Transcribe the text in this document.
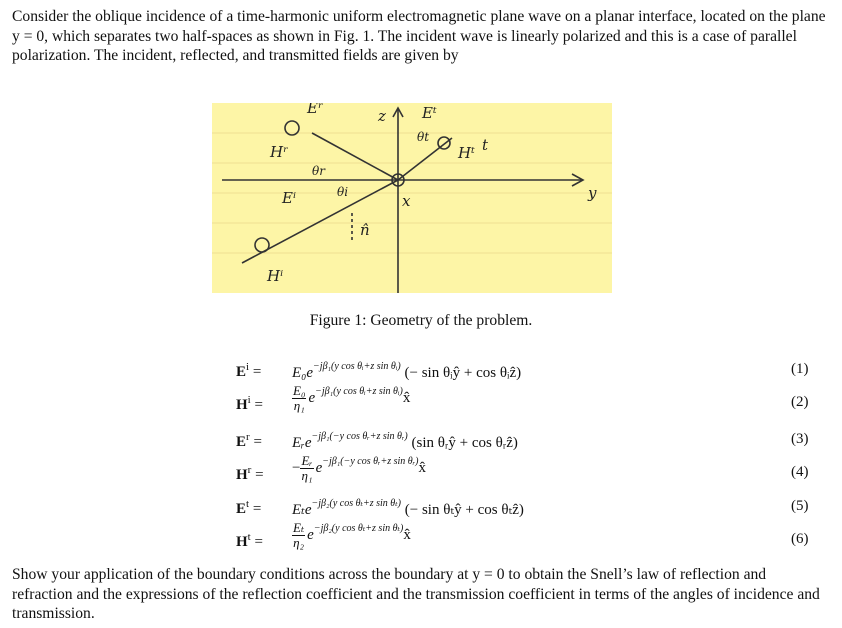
Consider the oblique incidence of a time-harmonic uniform electromagnetic plane wave on a planar interface, located on the plane y = 0, which separates two half-spaces as shown in Fig. 1. The incident wave is linearly polarized and this is a case of parallel polarization. The incident, reflected, and transmitted fields are given by
z
y
x
Eʳ	Eᵗ
Eⁱ
Hʳ	Hᵗ
Hⁱ
θr
θi
θt	t
n̂
Figure 1: Geometry of the problem.
$E^i = E_0e^{-j\beta_1(y cos \theta ᵢ+z sin \theta ᵢ)}$ (− sin θᵢŷ + cos θᵢẑ)	(1)
$H^i = \frac{\text{E₀}}{\text{η₁}}$ $e^{-j\beta_1(y cos \theta ᵢ+z sin \theta ᵢ)}x̂$	(2)
$E^r$ = Eᵣe$^{-j\beta_1(-y cos \theta ᵣ+z sin \theta ᵣ)}$ (sin θᵣŷ + cos θᵣẑ)	(3)
$H^r$ = − $\frac{\text{Eᵣ}}{\text{η₁}}$ $e^{-j\beta_1(-y cos \theta ᵣ+z sin \theta ᵣ)}x̂$	(4)
$E^t = E_te^{-j\beta_2(y cos \theta_t+z sin \theta_t)}$ (− sin θₜŷ + cos θₜẑ)	(5)
$H^t = \frac{\text{Eₜ}}{\text{η₂}}$ $e^{-j\beta_2(y cos \theta_t+z sin \theta_t)}x̂$	(6)
Show your application of the boundary conditions across the boundary at y = 0 to obtain the Snell’s law of reflection and refraction and the expressions of the reflection coefficient and the transmission coefficient in terms of the angles of incidence and transmission.
